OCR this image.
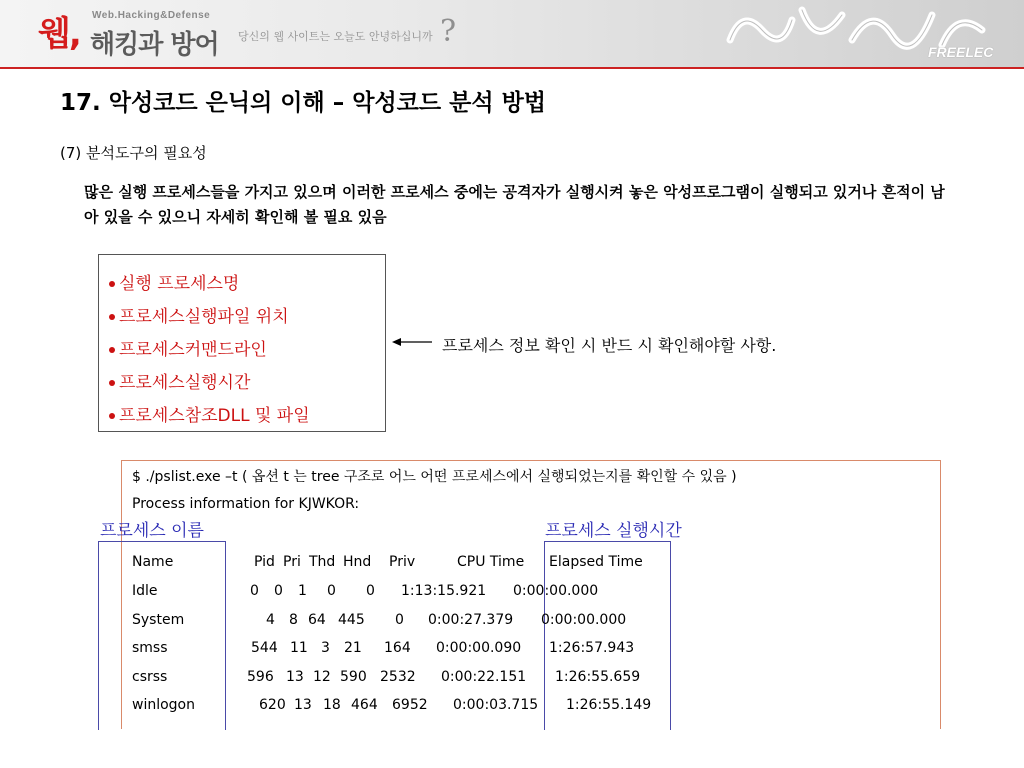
웹, Web.Hacking&Defense
해킹과 방어 당신의 웹 사이트는 오늘도 안녕하십니까 ?
FREELEC
17. 악성코드 은닉의 이해 – 악성코드 분석 방법
(7) 분석도구의 필요성
많은 실행 프로세스들을 가지고 있으며 이러한 프로세스 중에는 공격자가 실행시켜 놓은 악성프로그램이 실행되고 있거나 흔적이 남아 있을 수 있으니 자세히 확인해 볼 필요 있음
실행 프로세스명
프로세스실행파일 위치
프로세스커맨드라인
프로세스실행시간
프로세스참조DLL 및 파일
프로세스 정보 확인 시 반드 시 확인해야할 사항.
$ ./pslist.exe –t ( 옵션 t 는 tree 구조로 어느 어떤 프로세스에서 실행되었는지를 확인할 수 있음 )
Process information for KJWKOR:
프로세스 이름	프로세스 실행시간
Name	Pid Pri Thd Hnd Priv	CPU Time Elapsed Time
Idle	0 0 1 0 0 1:13:15.921 0:00:00.000
System	4 8 64 445 0 0:00:27.379 0:00:00.000
smss	544 11 3 21 164 0:00:00.090 1:26:57.943
csrss	596 13 12 590 2532 0:00:22.151 1:26:55.659
winlogon	620 13 18 464 6952 0:00:03.715 1:26:55.149
